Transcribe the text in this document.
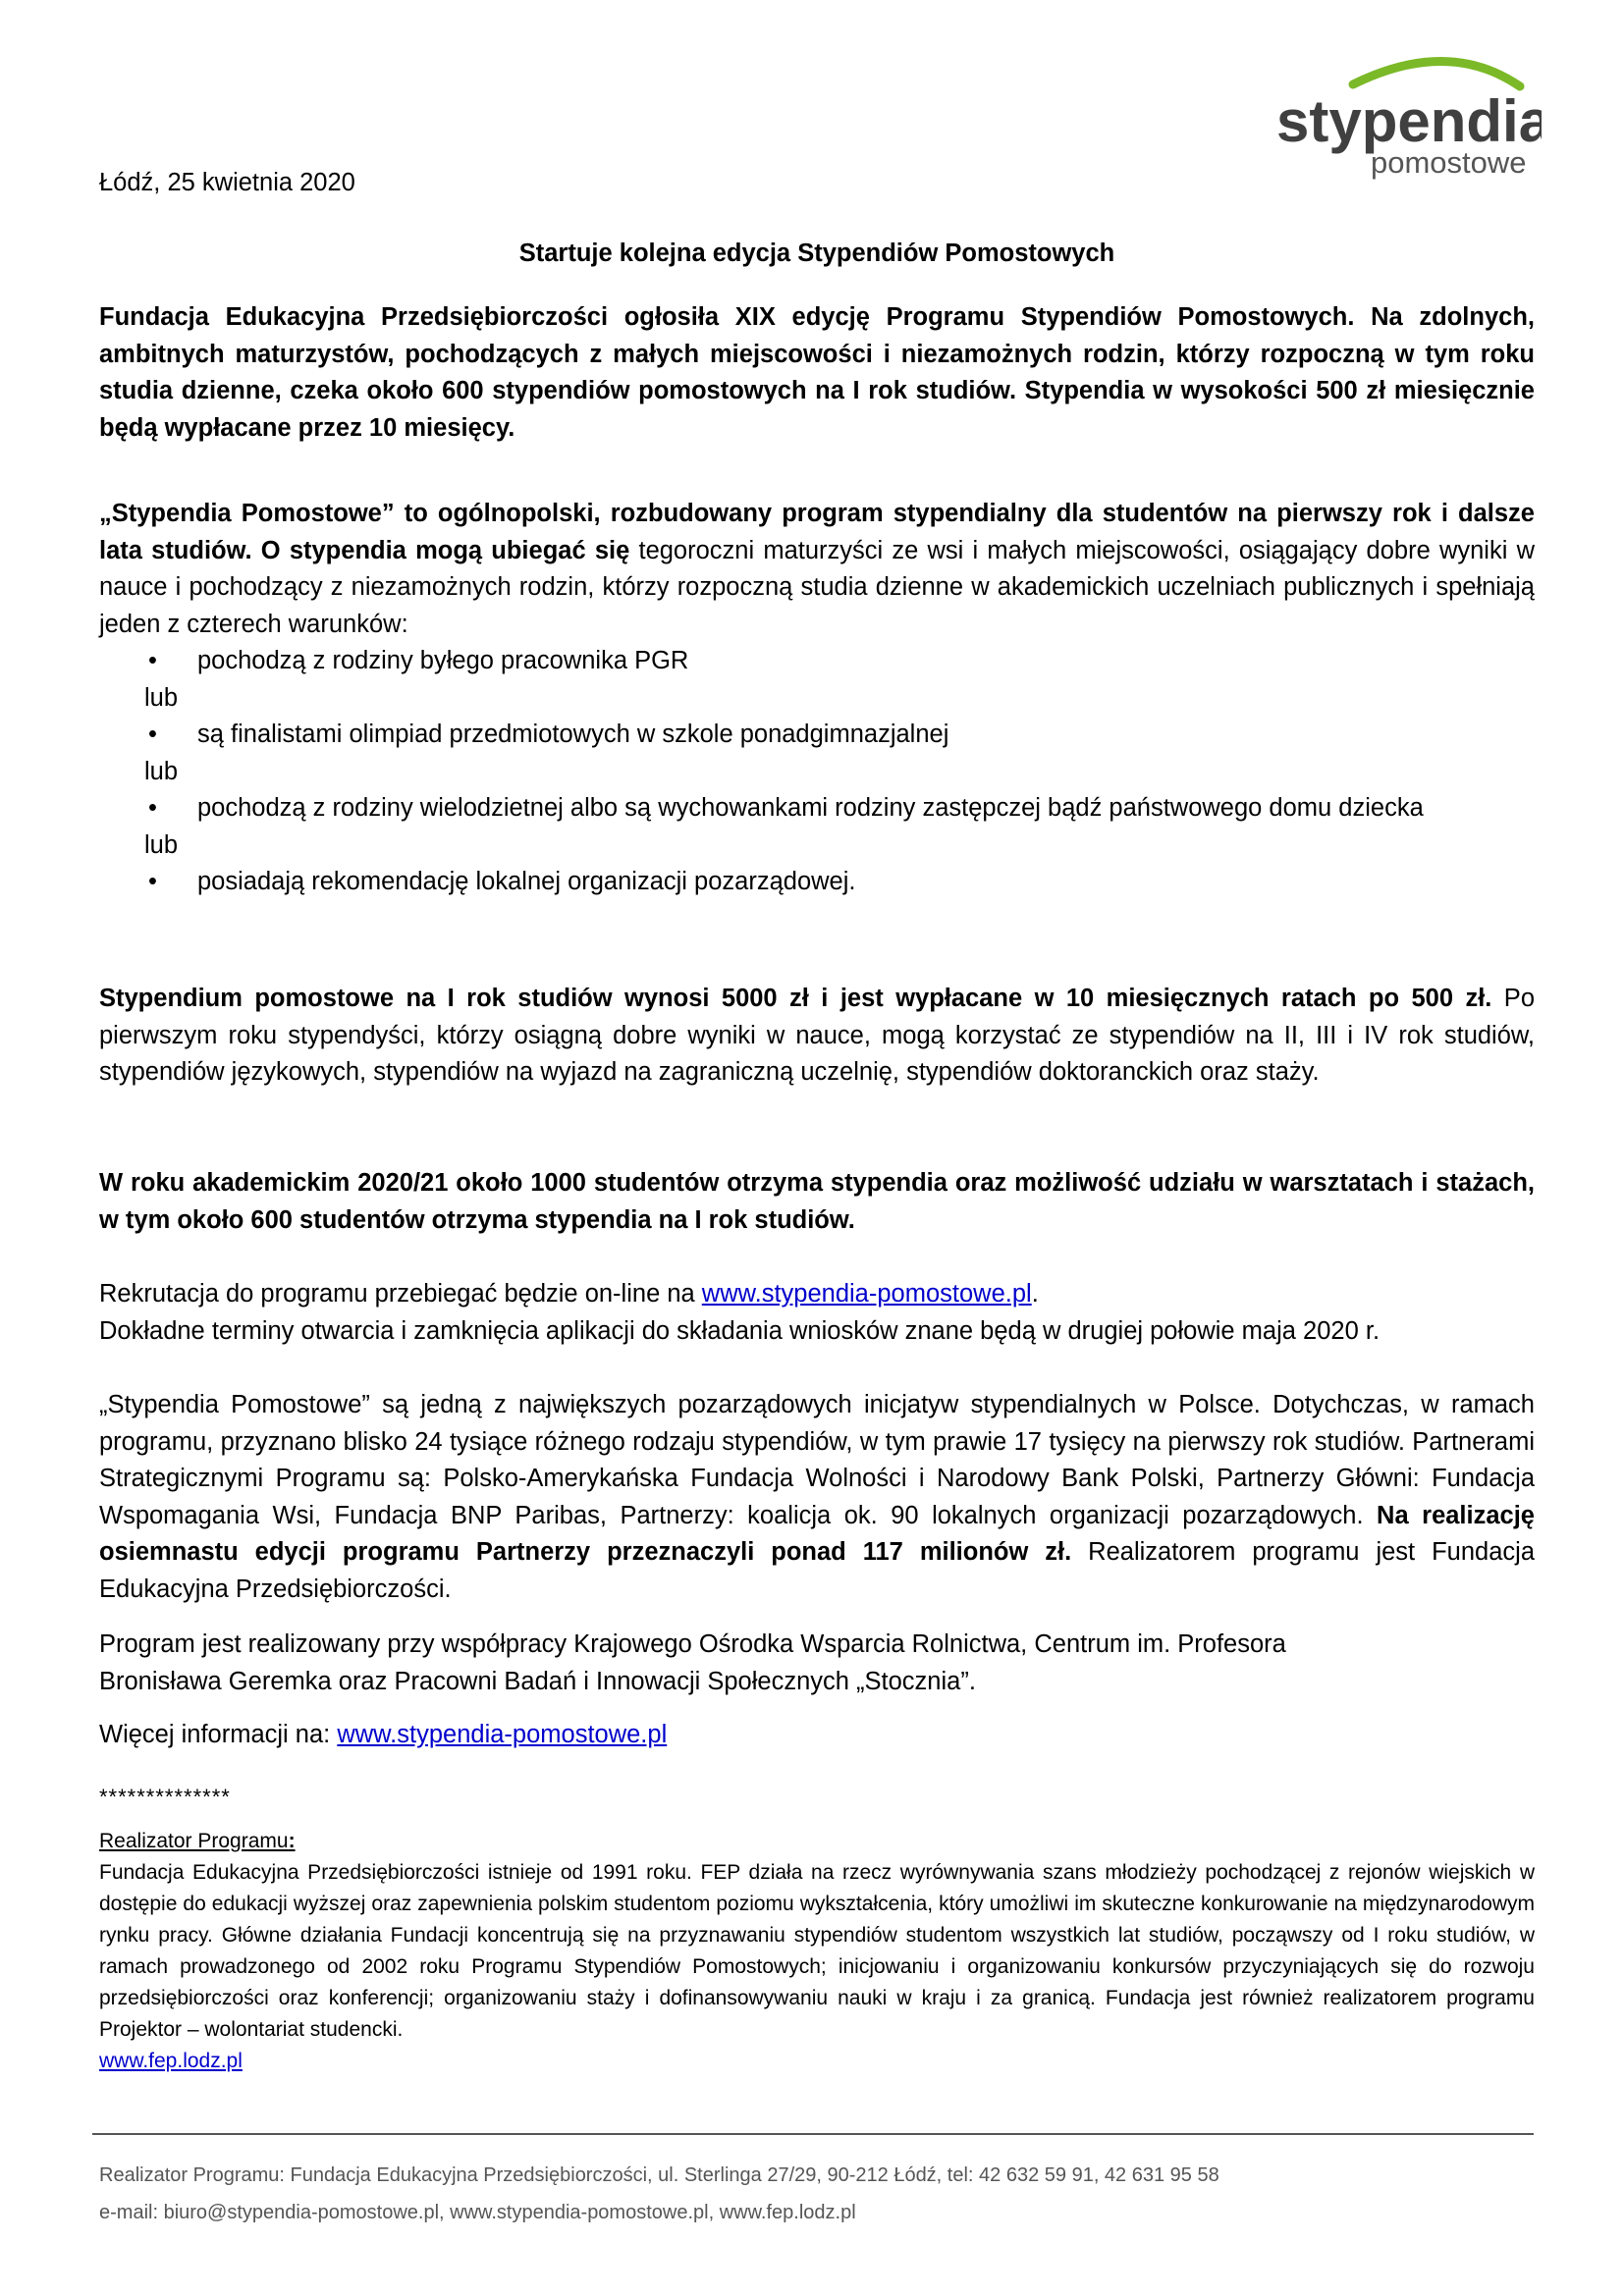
stypendia
pomostowe
Łódź, 25 kwietnia 2020
Startuje kolejna edycja Stypendiów Pomostowych

Fundacja Edukacyjna Przedsiębiorczości ogłosiła XIX edycję Programu Stypendiów Pomostowych. Na zdolnych, ambitnych maturzystów, pochodzących z małych miejscowości i niezamożnych rodzin, którzy rozpoczną w tym roku studia dzienne, czeka około 600 stypendiów pomostowych na I rok studiów. Stypendia w wysokości 500 zł miesięcznie będą wypłacane przez 10 miesięcy.

„Stypendia Pomostowe” to ogólnopolski, rozbudowany program stypendialny dla studentów na pierwszy rok i dalsze lata studiów. O stypendia mogą ubiegać się tegoroczni maturzyści ze wsi i małych miejscowości, osiągający dobre wyniki w nauce i pochodzący z niezamożnych rodzin, którzy rozpoczną studia dzienne w akademickich uczelniach publicznych i spełniają jeden z czterech warunków:

• pochodzą z rodziny byłego pracownika PGR
lub
• są finalistami olimpiad przedmiotowych w szkole ponadgimnazjalnej
lub
• pochodzą z rodziny wielodzietnej albo są wychowankami rodziny zastępczej bądź państwowego domu dziecka
lub
• posiadają rekomendację lokalnej organizacji pozarządowej.

Stypendium pomostowe na I rok studiów wynosi 5000 zł i jest wypłacane w 10 miesięcznych ratach po 500 zł. Po pierwszym roku stypendyści, którzy osiągną dobre wyniki w nauce, mogą korzystać ze stypendiów na II, III i IV rok studiów, stypendiów językowych, stypendiów na wyjazd na zagraniczną uczelnię, stypendiów doktoranckich oraz staży.

W roku akademickim 2020/21 około 1000 studentów otrzyma stypendia oraz możliwość udziału w warsztatach i stażach, w tym około 600 studentów otrzyma stypendia na I rok studiów.

Rekrutacja do programu przebiegać będzie on-line na www.stypendia-pomostowe.pl.

Dokładne terminy otwarcia i zamknięcia aplikacji do składania wniosków znane będą w drugiej połowie maja 2020 r.

„Stypendia Pomostowe” są jedną z największych pozarządowych inicjatyw stypendialnych w Polsce. Dotychczas, w ramach programu, przyznano blisko 24 tysiące różnego rodzaju stypendiów, w tym prawie 17 tysięcy na pierwszy rok studiów. Partnerami Strategicznymi Programu są: Polsko-Amerykańska Fundacja Wolności i Narodowy Bank Polski, Partnerzy Główni: Fundacja Wspomagania Wsi, Fundacja BNP Paribas, Partnerzy: koalicja ok. 90 lokalnych organizacji pozarządowych. Na realizację osiemnastu edycji programu Partnerzy przeznaczyli ponad 117 milionów zł. Realizatorem programu jest Fundacja Edukacyjna Przedsiębiorczości.

Program jest realizowany przy współpracy Krajowego Ośrodka Wsparcia Rolnictwa, Centrum im. Profesora

Bronisława Geremka oraz Pracowni Badań i Innowacji Społecznych „Stocznia”.

Więcej informacji na: www.stypendia-pomostowe.pl

**************
Realizator Programu:
Fundacja Edukacyjna Przedsiębiorczości istnieje od 1991 roku. FEP działa na rzecz wyrównywania szans młodzieży pochodzącej z rejonów wiejskich w dostępie do edukacji wyższej oraz zapewnienia polskim studentom poziomu wykształcenia, który umożliwi im skuteczne konkurowanie na międzynarodowym rynku pracy. Główne działania Fundacji koncentrują się na przyznawaniu stypendiów studentom wszystkich lat studiów, począwszy od I roku studiów, w ramach prowadzonego od 2002 roku Programu Stypendiów Pomostowych; inicjowaniu i organizowaniu konkursów przyczyniających się do rozwoju przedsiębiorczości oraz konferencji; organizowaniu staży i dofinansowywaniu nauki w kraju i za granicą. Fundacja jest również realizatorem programu Projektor – wolontariat studencki.
www.fep.lodz.pl
Realizator Programu: Fundacja Edukacyjna Przedsiębiorczości, ul. Sterlinga 27/29, 90-212 Łódź, tel: 42 632 59 91, 42 631 95 58
e-mail: biuro@stypendia-pomostowe.pl, www.stypendia-pomostowe.pl, www.fep.lodz.pl
